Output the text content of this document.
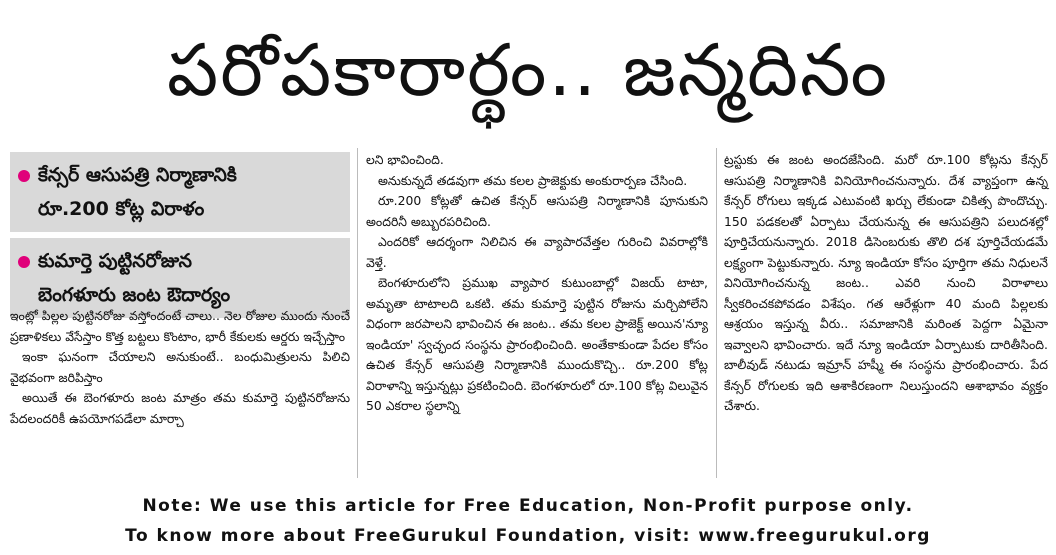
పరోపకారార్థం.. జన్మదినం
కేన్సర్ ఆసుపత్రి నిర్మాణానికి
రూ.200 కోట్ల విరాళం
కుమార్తె పుట్టినరోజున
బెంగళూరు జంట ఔదార్యం

ఇంట్లో పిల్లల పుట్టినరోజు వస్తోందంటే చాలు.. నెల రోజుల ముందు నుంచే ప్రణాళికలు వేసేస్తాం కొత్త బట్టలు కొంటాం, భారీ కేకులకు ఆర్డరు ఇచ్చేస్తాం

ఇంకా ఘనంగా చేయాలని అనుకుంటే.. బంధుమిత్రులను పిలిచి వైభవంగా జరిపిస్తాం

అయితే ఈ బెంగళూరు జంట మాత్రం తమ కుమార్తె పుట్టినరోజును పేదలందరికీ ఉపయోగపడేలా మార్చా

లని భావించింది.

అనుకున్నదే తడవుగా తమ కలల ప్రాజెక్టుకు అంకురార్పణ చేసింది.

రూ.200 కోట్లతో ఉచిత కేన్సర్ ఆసుపత్రి నిర్మాణానికి పూనుకుని అందరినీ అబ్బురపరిచింది.

ఎందరికో ఆదర్శంగా నిలిచిన ఈ వ్యాపారవేత్తల గురించి వివరాల్లోకి వెళ్తే.

బెంగళూరులోని ప్రముఖ వ్యాపార కుటుంబాల్లో విజయ్ టాటా, అమృతా టాటాలది ఒకటి. తమ కుమార్తె పుట్టిన రోజును మర్చిపోలేని విధంగా జరపాలని భావించిన ఈ జంట.. తమ కలల ప్రాజెక్ట్ అయిన'న్యూ ఇండియా' స్వచ్ఛంద సంస్థను ప్రారంభించింది. అంతేకాకుండా పేదల కోసం ఉచిత కేన్సర్ ఆసుపత్రి నిర్మాణానికి ముందుకొచ్చి.. రూ.200 కోట్ల విరాళాన్ని ఇస్తున్నట్లు ప్రకటించింది. బెంగళూరులో రూ.100 కోట్ల విలువైన 50 ఎకరాల స్థలాన్ని

ట్రస్టుకు ఈ జంట అందజేసింది. మరో రూ.100 కోట్లను కేన్సర్ ఆసుపత్రి నిర్మాణానికి వినియోగించనున్నారు. దేశ వ్యాప్తంగా ఉన్న కేన్సర్ రోగులు ఇక్కడ ఎటువంటి ఖర్చు లేకుండా చికిత్స పొందొచ్చు. 150 పడకలతో ఏర్పాటు చేయనున్న ఈ ఆసుపత్రిని పలుదశల్లో పూర్తిచేయనున్నారు. 2018 డిసెంబరుకు తొలి దశ పూర్తిచేయడమే లక్ష్యంగా పెట్టుకున్నారు. న్యూ ఇండియా కోసం పూర్తిగా తమ నిధులనే వినియోగించనున్న జంట.. ఎవరి నుంచి విరాళాలు స్వీకరించకపోవడం విశేషం. గత ఆరేళ్లుగా 40 మంది పిల్లలకు ఆశ్రయం ఇస్తున్న వీరు.. సమాజానికి మరింత పెద్దగా ఏమైనా ఇవ్వాలని భావించారు. ఇదే న్యూ ఇండియా ఏర్పాటుకు దారితీసింది. బాలీవుడ్ నటుడు ఇమ్రాన్ హష్మీ ఈ సంస్థను ప్రారంభించారు. పేద కేన్సర్ రోగులకు ఇది ఆశాకిరణంగా నిలుస్తుందని ఆశాభావం వ్యక్తం చేశారు.

Note: We use this article for Free Education, Non-Profit purpose only.
To know more about FreeGurukul Foundation, visit: www.freegurukul.org
